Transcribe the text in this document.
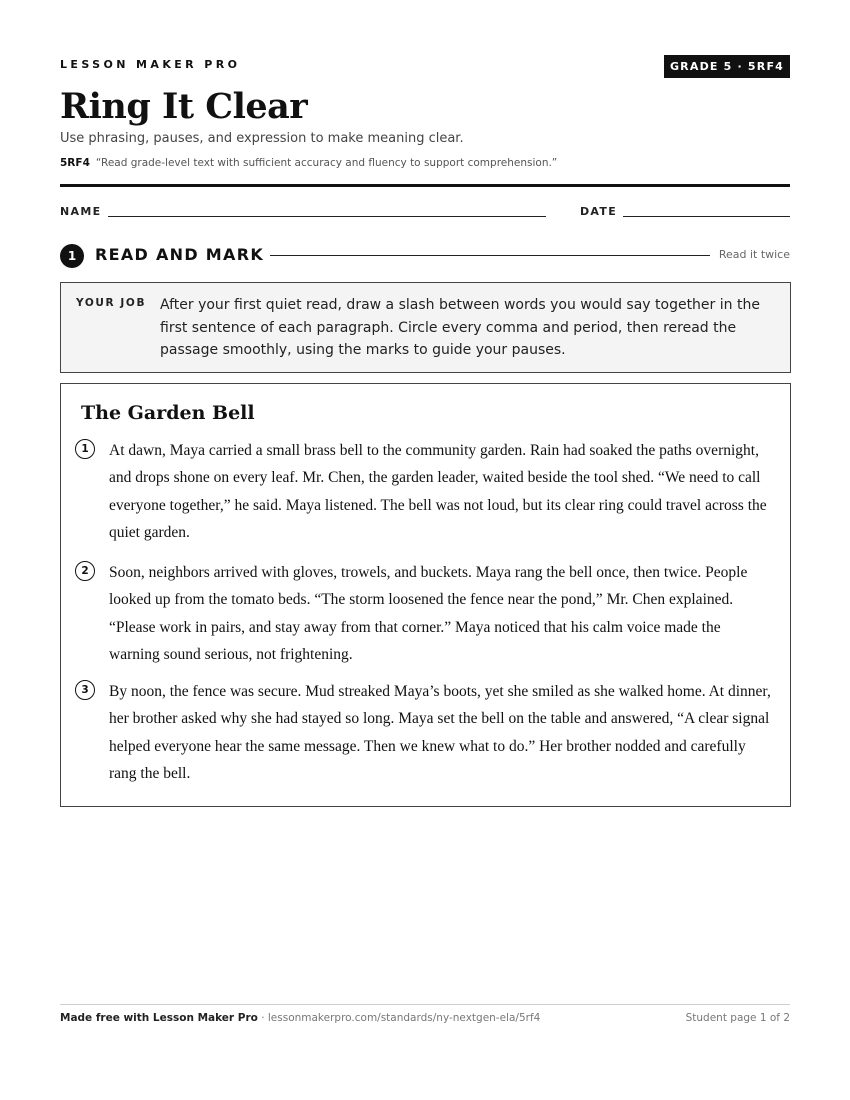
LESSON MAKER PRO	GRADE 5 · 5RF4
Ring It Clear
Use phrasing, pauses, and expression to make meaning clear.
5RF4 “Read grade-level text with sufficient accuracy and fluency to support comprehension.”
NAME	DATE
1	READ AND MARK	Read it twice
YOUR JOB After your first quiet read, draw a slash between words you would say together in the first sentence of each paragraph. Circle every comma and period, then reread the passage smoothly, using the marks to guide your pauses.
The Garden Bell
1	At dawn, Maya carried a small brass bell to the community garden. Rain had soaked the paths overnight, and drops shone on every leaf. Mr. Chen, the garden leader, waited beside the tool shed. “We need to call everyone together,” he said. Maya listened. The bell was not loud, but its clear ring could travel across the quiet garden.
2	Soon, neighbors arrived with gloves, trowels, and buckets. Maya rang the bell once, then twice. People looked up from the tomato beds. “The storm loosened the fence near the pond,” Mr. Chen explained. “Please work in pairs, and stay away from that corner.” Maya noticed that his calm voice made the warning sound serious, not frightening.
3	By noon, the fence was secure. Mud streaked Maya’s boots, yet she smiled as she walked home. At dinner, her brother asked why she had stayed so long. Maya set the bell on the table and answered, “A clear signal helped everyone hear the same message. Then we knew what to do.” Her brother nodded and carefully rang the bell.
Made free with Lesson Maker Pro · lessonmakerpro.com/standards/ny-nextgen-ela/5rf4	Student page 1 of 2
